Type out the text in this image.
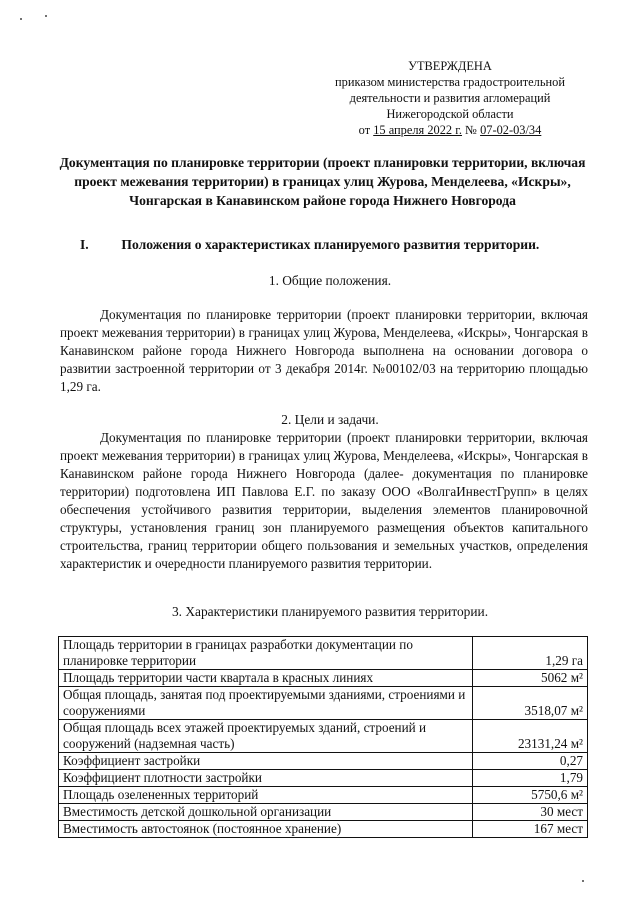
УТВЕРЖДЕНА
приказом министерства градостроительной
деятельности и развития агломераций
Нижегородской области
от 15 апреля 2022 г. № 07-02-03/34
Документация по планировке территории (проект планировки территории, включая проект межевания территории) в границах улиц Журова, Менделеева, «Искры», Чонгарская в Канавинском районе города Нижнего Новгорода
I. Положения о характеристиках планируемого развития территории.
1. Общие положения.

Документация по планировке территории (проект планировки территории, включая проект межевания территории) в границах улиц Журова, Менделеева, «Искры», Чонгарская в Канавинском районе города Нижнего Новгорода выполнена на основании договора о развитии застроенной территории от 3 декабря 2014г. №00102/03 на территорию площадью 1,29 га.

2. Цели и задачи.

Документация по планировке территории (проект планировки территории, включая проект межевания территории) в границах улиц Журова, Менделеева, «Искры», Чонгарская в Канавинском районе города Нижнего Новгорода (далее- документация по планировке территории) подготовлена ИП Павлова Е.Г. по заказу ООО «ВолгаИнвестГрупп» в целях обеспечения устойчивого развития территории, выделения элементов планировочной структуры, установления границ зон планируемого размещения объектов капитального строительства, границ территории общего пользования и земельных участков, определения характеристик и очередности планируемого развития территории.

3. Характеристики планируемого развития территории.
Площадь территории в границах разработки документации по планировке территории	1,29 га
Площадь территории части квартала в красных линиях	5062 м²
Общая площадь, занятая под проектируемыми зданиями, строениями и сооружениями	3518,07 м²
Общая площадь всех этажей проектируемых зданий, строений и сооружений (надземная часть)	23131,24 м²
Коэффициент застройки	0,27
Коэффициент плотности застройки	1,79
Площадь озелененных территорий	5750,6 м²
Вместимость детской дошкольной организации	30 мест
Вместимость автостоянок (постоянное хранение)	167 мест
